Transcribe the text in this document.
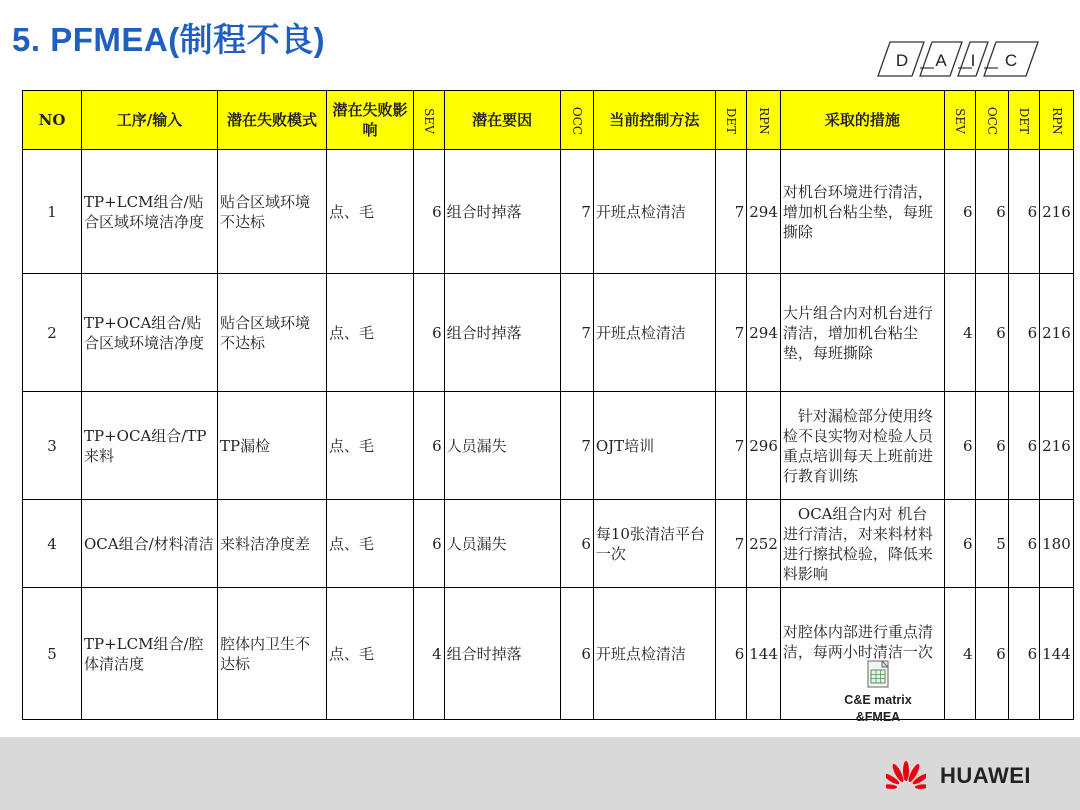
5. PFMEA(制程不良)
D A I C
NO	工序/输入	潜在失败模式	潜在失败影响	SEV	潜在要因	OCC	当前控制方法	DET	RPN	采取的措施	SEV	OCC	DET	RPN
1	TP+LCM组合/贴合区域环境洁净度	贴合区域环境不达标	点、毛	6	组合时掉落	7	开班点检清洁	7	294	对机台环境进行清洁，增加机台粘尘垫，每班撕除	6	6	6	216
2	TP+OCA组合/贴合区域环境洁净度	贴合区域环境不达标	点、毛	6	组合时掉落	7	开班点检清洁	7	294	大片组合内对机台进行清洁，增加机台粘尘垫，每班撕除	4	6	6	216
3	TP+OCA组合/TP来料	TP漏检	点、毛	6	人员漏失	7	OJT培训	7	296	　针对漏检部分使用终检不良实物对检验人员重点培训每天上班前进行教育训练	6	6	6	216
4	OCA组合/材料清洁	来料洁净度差	点、毛	6	人员漏失	6	每10张清洁平台一次	7	252	　OCA组合内对 机台进行清洁，对来料材料进行擦拭检验，降低来料影响	6	5	6	180
5	TP+LCM组合/腔体清洁度	腔体内卫生不达标	点、毛	4	组合时掉落	6	开班点检清洁	6	144	对腔体内部进行重点清洁，每两小时清洁一次	4	6	6	144
C&E matrix
&FMEA
HUAWEI
